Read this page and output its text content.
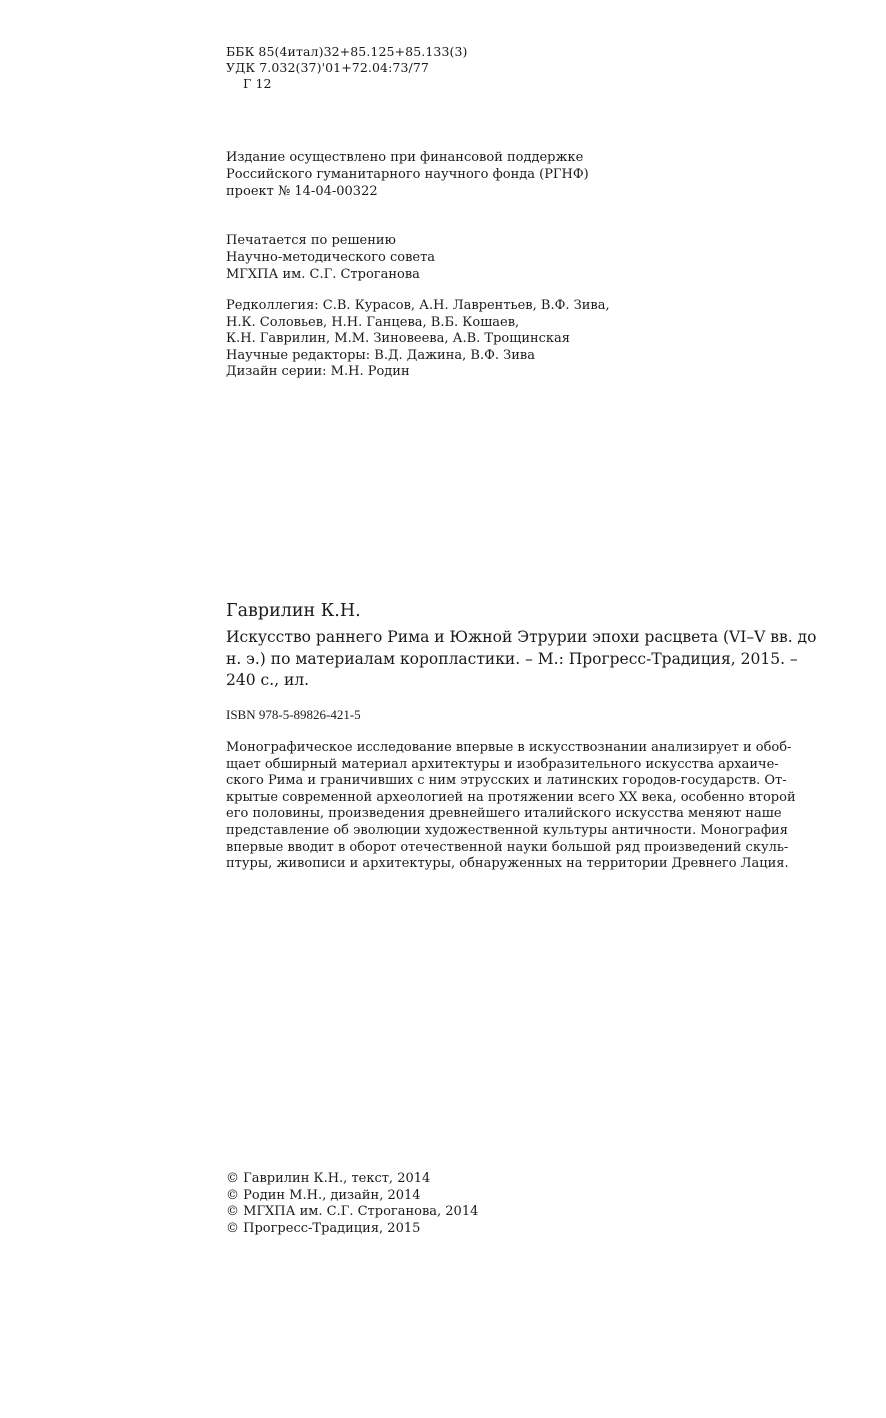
ББК 85(4итал)32+85.125+85.133(3)
УДК 7.032(37)'01+72.04:73/77
Г 12
Издание осуществлено при финансовой поддержке
Российского гуманитарного научного фонда (РГНФ)
проект № 14-04-00322
Печатается по решению
Научно-методического совета
МГХПА им. С.Г. Строганова
Редколлегия: С.В. Курасов, А.Н. Лаврентьев, В.Ф. Зива,
Н.К. Соловьев, Н.Н. Ганцева, В.Б. Кошаев,
К.Н. Гаврилин, М.М. Зиновеева, А.В. Трощинская
Научные редакторы: В.Д. Дажина, В.Ф. Зива
Дизайн серии: М.Н. Родин
Гаврилин К.Н.
Искусство раннего Рима и Южной Этрурии эпохи расцвета (VI–V вв. до
н. э.) по материалам коропластики. – М.: Прогресс-Традиция, 2015. –
240 с., ил.
ISBN 978-5-89826-421-5
Монографическое исследование впервые в искусствознании анализирует и обоб-
щает обширный материал архитектуры и изобразительного искусства архаиче-
ского Рима и граничивших с ним этрусских и латинских городов-государств. От-
крытые современной археологией на протяжении всего XX века, особенно второй
его половины, произведения древнейшего италийского искусства меняют наше
представление об эволюции художественной культуры античности. Монография
впервые вводит в оборот отечественной науки большой ряд произведений скуль-
птуры, живописи и архитектуры, обнаруженных на территории Древнего Лация.
© Гаврилин К.Н., текст, 2014
© Родин М.Н., дизайн, 2014
© МГХПА им. С.Г. Строганова, 2014
© Прогресс-Традиция, 2015
